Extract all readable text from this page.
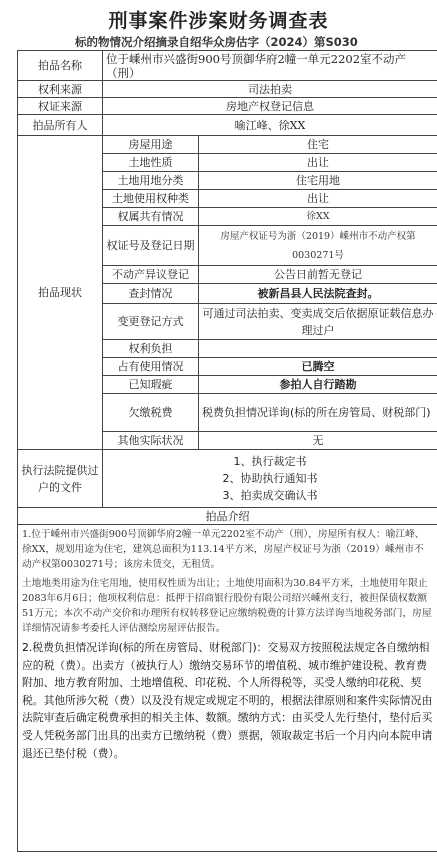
刑事案件涉案财务调查表
标的物情况介绍摘录自绍华众房估字（2024）第S030
拍品名称	位于嵊州市兴盛街900号顶御华府2幢一单元2202室不动产（刑）	
权利来源	司法拍卖	
权证来源	房地产权登记信息	
拍品所有人	喻江峰、徐XX	
拍品现状	房屋用途	住宅
	土地性质	出让
	土地用地分类	住宅用地
	土地使用权种类	出让
	权属共有情况	徐XX
	权证号及登记日期	房屋产权证号为浙（2019）嵊州市不动产权第0030271号
	不动产异议登记	公告日前暂无登记
	查封情况	被新昌县人民法院查封。
	变更登记方式	可通过司法拍卖、变卖成交后依据原证载信息办理过户
	权利负担	
	占有使用情况	已腾空
	已知瑕疵	参拍人自行踏勘
	欠缴税费	税费负担情况详询(标的所在房管局、财税部门)
	其他实际状况	无
执行法院提供过户的文件	1、执行裁定书
2、协助执行通知书
3、拍卖成交确认书	

拍品介绍		

1.位于嵊州市兴盛街900号顶御华府2幢一单元2202室不动产（刑），房屋所有权人：喻江峰、徐XX，规划用途为住宅，建筑总面积为113.14平方米，房屋产权证号为浙（2019）嵊州市不动产权第0030271号；该房未赁交，无租赁。

土地地类用途为住宅用地，使用权性质为出让；土地使用面积为30.84平方米，土地使用年限止2083年6月6日；他项权利信息：抵押于招商银行股份有限公司绍兴嵊州支行，被担保债权数额51万元；本次不动产交价和办理所有权转移登记应缴纳税费的计算方法详询当地税务部门，房屋详细情况请参考委托人评估测绘房屋评估报告。

2.税费负担情况详询(标的所在房管局、财税部门)：交易双方按照税法规定各自缴纳相应的税（费）。出卖方（被执行人）缴纳交易环节的增值税、城市维护建设税、教育费附加、地方教育附加、土地增值税、印花税、个人所得税等，买受人缴纳印花税、契税。其他所涉欠税（费）以及没有规定或规定不明的，根据法律原则和案件实际情况由法院审查后确定税费承担的相关主体、数额。缴纳方式：由买受人先行垫付，垫付后买受人凭税务部门出具的出卖方已缴纳税（费）票据，领取裁定书后一个月内向本院申请退还已垫付税（费）。		
